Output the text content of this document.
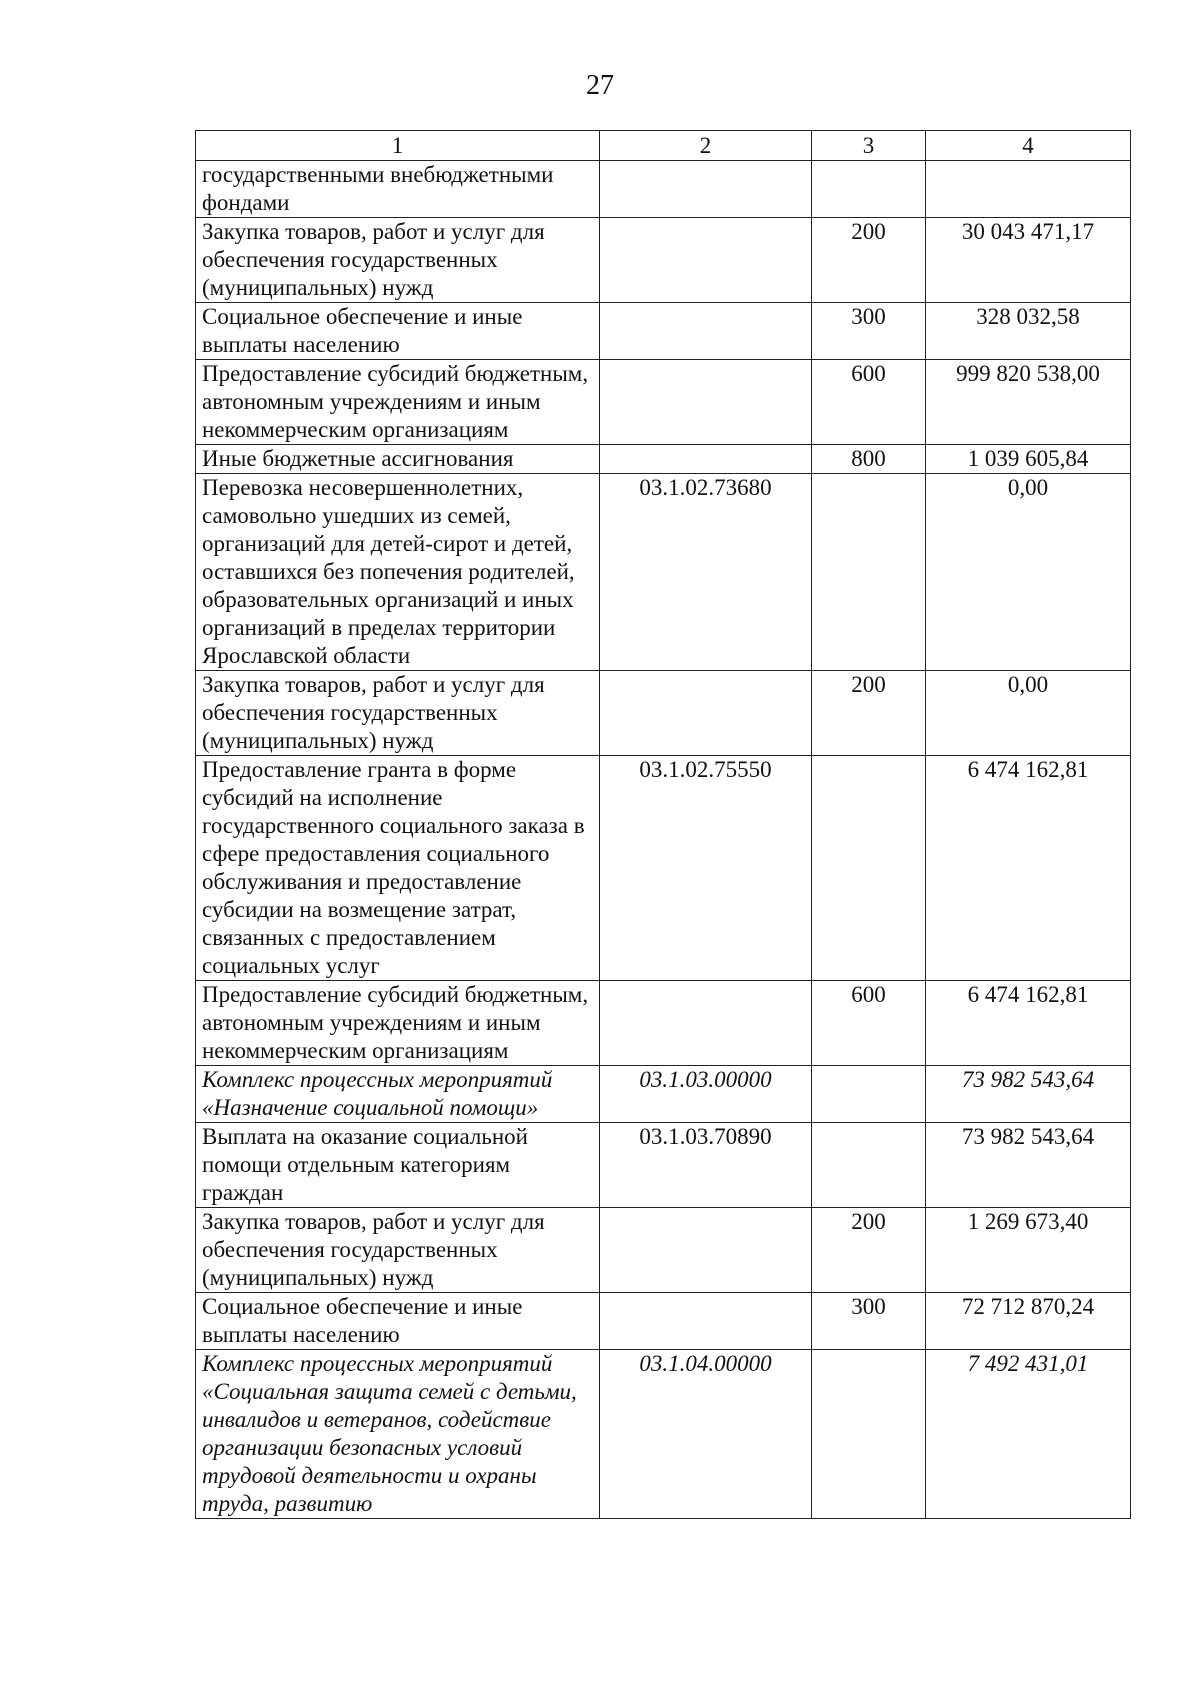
27
1	2	3	4
государственными внебюджетными фондами			
Закупка товаров, работ и услуг для обеспечения государственных (муниципальных) нужд		200	30 043 471,17
Социальное обеспечение и иные выплаты населению		300	328 032,58
Предоставление субсидий бюджетным, автономным учреждениям и иным некоммерческим организациям		600	999 820 538,00
Иные бюджетные ассигнования		800	1 039 605,84
Перевозка несовершеннолетних, самовольно ушедших из семей, организаций для детей-сирот и детей, оставшихся без попечения родителей, образовательных организаций и иных организаций в пределах территории Ярославской области	03.1.02.73680		0,00
Закупка товаров, работ и услуг для обеспечения государственных (муниципальных) нужд		200	0,00
Предоставление гранта в форме субсидий на исполнение государственного социального заказа в сфере предоставления социального обслуживания и предоставление субсидии на возмещение затрат, связанных с предоставлением социальных услуг	03.1.02.75550		6 474 162,81
Предоставление субсидий бюджетным, автономным учреждениям и иным некоммерческим организациям		600	6 474 162,81
Комплекс процессных мероприятий «Назначение социальной помощи»	03.1.03.00000		73 982 543,64
Выплата на оказание социальной помощи отдельным категориям граждан	03.1.03.70890		73 982 543,64
Закупка товаров, работ и услуг для обеспечения государственных (муниципальных) нужд		200	1 269 673,40
Социальное обеспечение и иные выплаты населению		300	72 712 870,24
Комплекс процессных мероприятий «Социальная защита семей с детьми, инвалидов и ветеранов, содействие организации безопасных условий трудовой деятельности и охраны труда, развитию	03.1.04.00000		7 492 431,01
